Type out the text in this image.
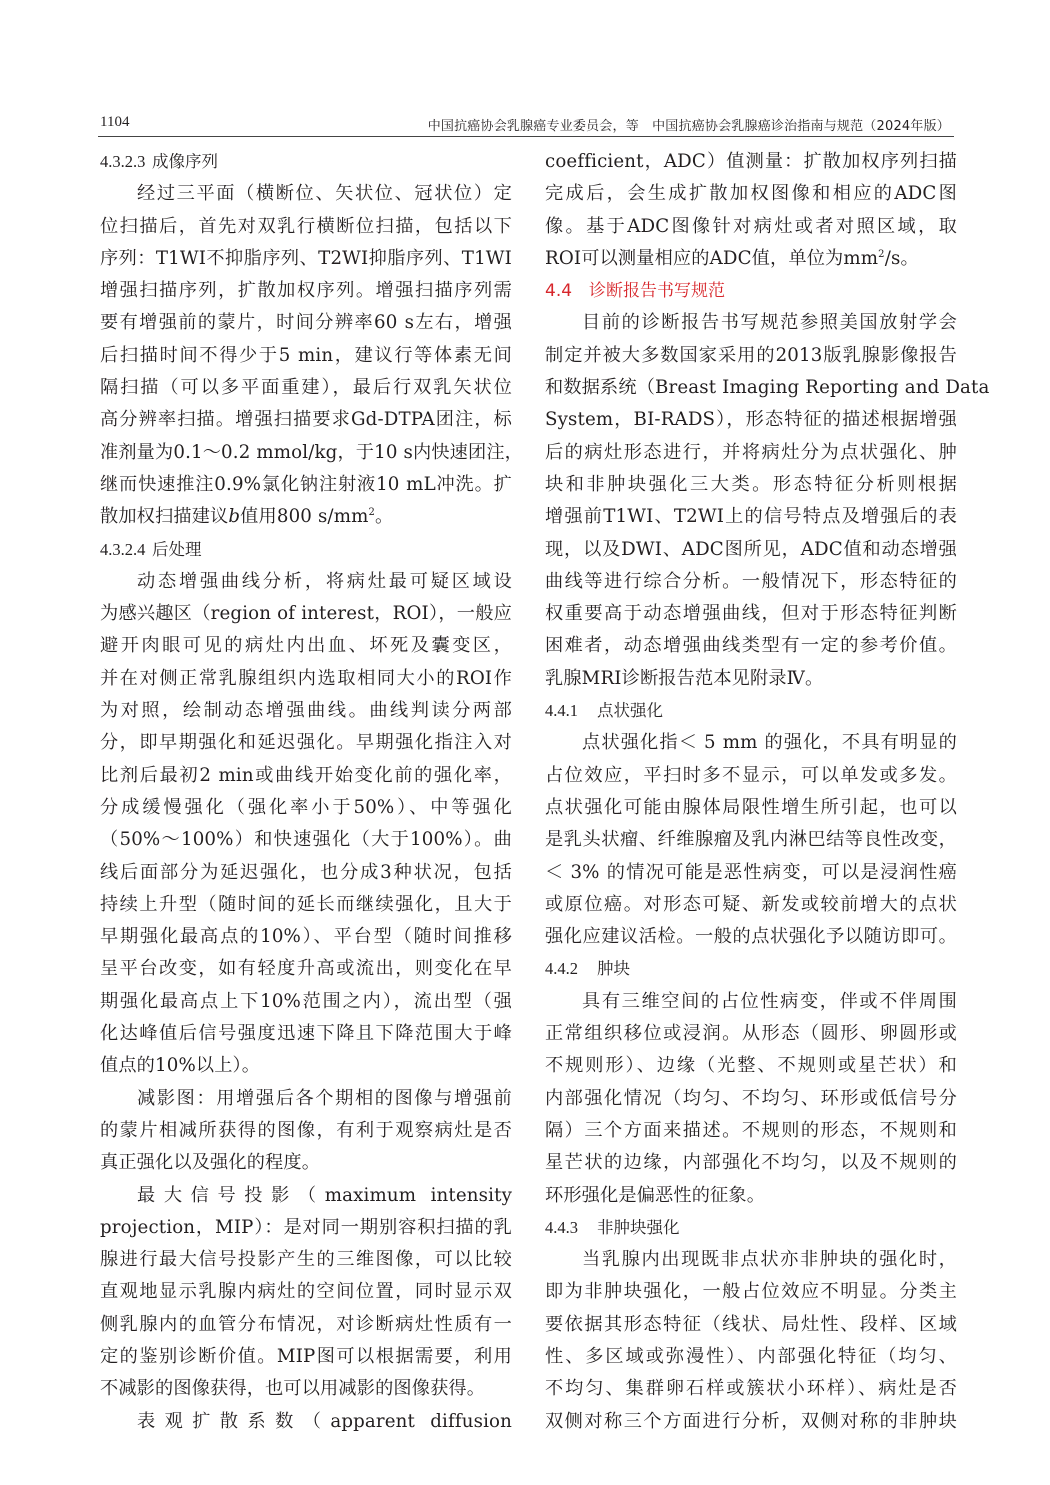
1104	中国抗癌协会乳腺癌专业委员会，等　中国抗癌协会乳腺癌诊治指南与规范（2024年版）
4.3.2.3 成像序列
经过三平面（横断位、矢状位、冠状位）定
位扫描后，首先对双乳行横断位扫描，包括以下
序列：T1WI不抑脂序列、T2WI抑脂序列、T1WI
增强扫描序列，扩散加权序列。增强扫描序列需
要有增强前的蒙片，时间分辨率60 s左右，增强
后扫描时间不得少于5 min，建议行等体素无间
隔扫描（可以多平面重建），最后行双乳矢状位
高分辨率扫描。增强扫描要求Gd-DTPA团注，标
准剂量为0.1～0.2 mmol/kg，于10 s内快速团注，
继而快速推注0.9%氯化钠注射液10 mL冲洗。扩
散加权扫描建议b值用800 $s/mm^2$。
4.3.2.4 后处理
动态增强曲线分析，将病灶最可疑区域设
为感兴趣区（region of interest，ROI），一般应
避开肉眼可见的病灶内出血、坏死及囊变区，
并在对侧正常乳腺组织内选取相同大小的ROI作
为对照，绘制动态增强曲线。曲线判读分两部
分，即早期强化和延迟强化。早期强化指注入对
比剂后最初2 min或曲线开始变化前的强化率，
分成缓慢强化（强化率小于50%）、中等强化
（50%～100%）和快速强化（大于100%）。曲
线后面部分为延迟强化，也分成3种状况，包括
持续上升型（随时间的延长而继续强化，且大于
早期强化最高点的10%）、平台型（随时间推移
呈平台改变，如有轻度升高或流出，则变化在早
期强化最高点上下10%范围之内），流出型（强
化达峰值后信号强度迅速下降且下降范围大于峰
值点的10%以上）。
减影图：用增强后各个期相的图像与增强前
的蒙片相减所获得的图像，有利于观察病灶是否
真正强化以及强化的程度。
最大信号投影（maximum intensity
projection，MIP）：是对同一期别容积扫描的乳
腺进行最大信号投影产生的三维图像，可以比较
直观地显示乳腺内病灶的空间位置，同时显示双
侧乳腺内的血管分布情况，对诊断病灶性质有一
定的鉴别诊断价值。MIP图可以根据需要，利用
不减影的图像获得，也可以用减影的图像获得。
表观扩散系数（apparent diffusion
coefficient，ADC）值测量：扩散加权序列扫描
完成后，会生成扩散加权图像和相应的ADC图
像。基于ADC图像针对病灶或者对照区域，取
ROI可以测量相应的ADC值，单位为$mm^2/s$。
4.4 诊断报告书写规范
目前的诊断报告书写规范参照美国放射学会
制定并被大多数国家采用的2013版乳腺影像报告
和数据系统（Breast Imaging Reporting and Data
System，BI-RADS），形态特征的描述根据增强
后的病灶形态进行，并将病灶分为点状强化、肿
块和非肿块强化三大类。形态特征分析则根据
增强前T1WI、T2WI上的信号特点及增强后的表
现，以及DWI、ADC图所见，ADC值和动态增强
曲线等进行综合分析。一般情况下，形态特征的
权重要高于动态增强曲线，但对于形态特征判断
困难者，动态增强曲线类型有一定的参考价值。
乳腺MRI诊断报告范本见附录Ⅳ。
4.4.1 点状强化
点状强化指＜ 5 mm 的强化，不具有明显的
占位效应，平扫时多不显示，可以单发或多发。
点状强化可能由腺体局限性增生所引起，也可以
是乳头状瘤、纤维腺瘤及乳内淋巴结等良性改变，
＜ 3% 的情况可能是恶性病变，可以是浸润性癌
或原位癌。对形态可疑、新发或较前增大的点状
强化应建议活检。一般的点状强化予以随访即可。
4.4.2 肿块
具有三维空间的占位性病变，伴或不伴周围
正常组织移位或浸润。从形态（圆形、卵圆形或
不规则形）、边缘（光整、不规则或星芒状）和
内部强化情况（均匀、不均匀、环形或低信号分
隔）三个方面来描述。不规则的形态，不规则和
星芒状的边缘，内部强化不均匀，以及不规则的
环形强化是偏恶性的征象。
4.4.3 非肿块强化
当乳腺内出现既非点状亦非肿块的强化时，
即为非肿块强化，一般占位效应不明显。分类主
要依据其形态特征（线状、局灶性、段样、区域
性、多区域或弥漫性）、内部强化特征（均匀、
不均匀、集群卵石样或簇状小环样）、病灶是否
双侧对称三个方面进行分析，双侧对称的非肿块
